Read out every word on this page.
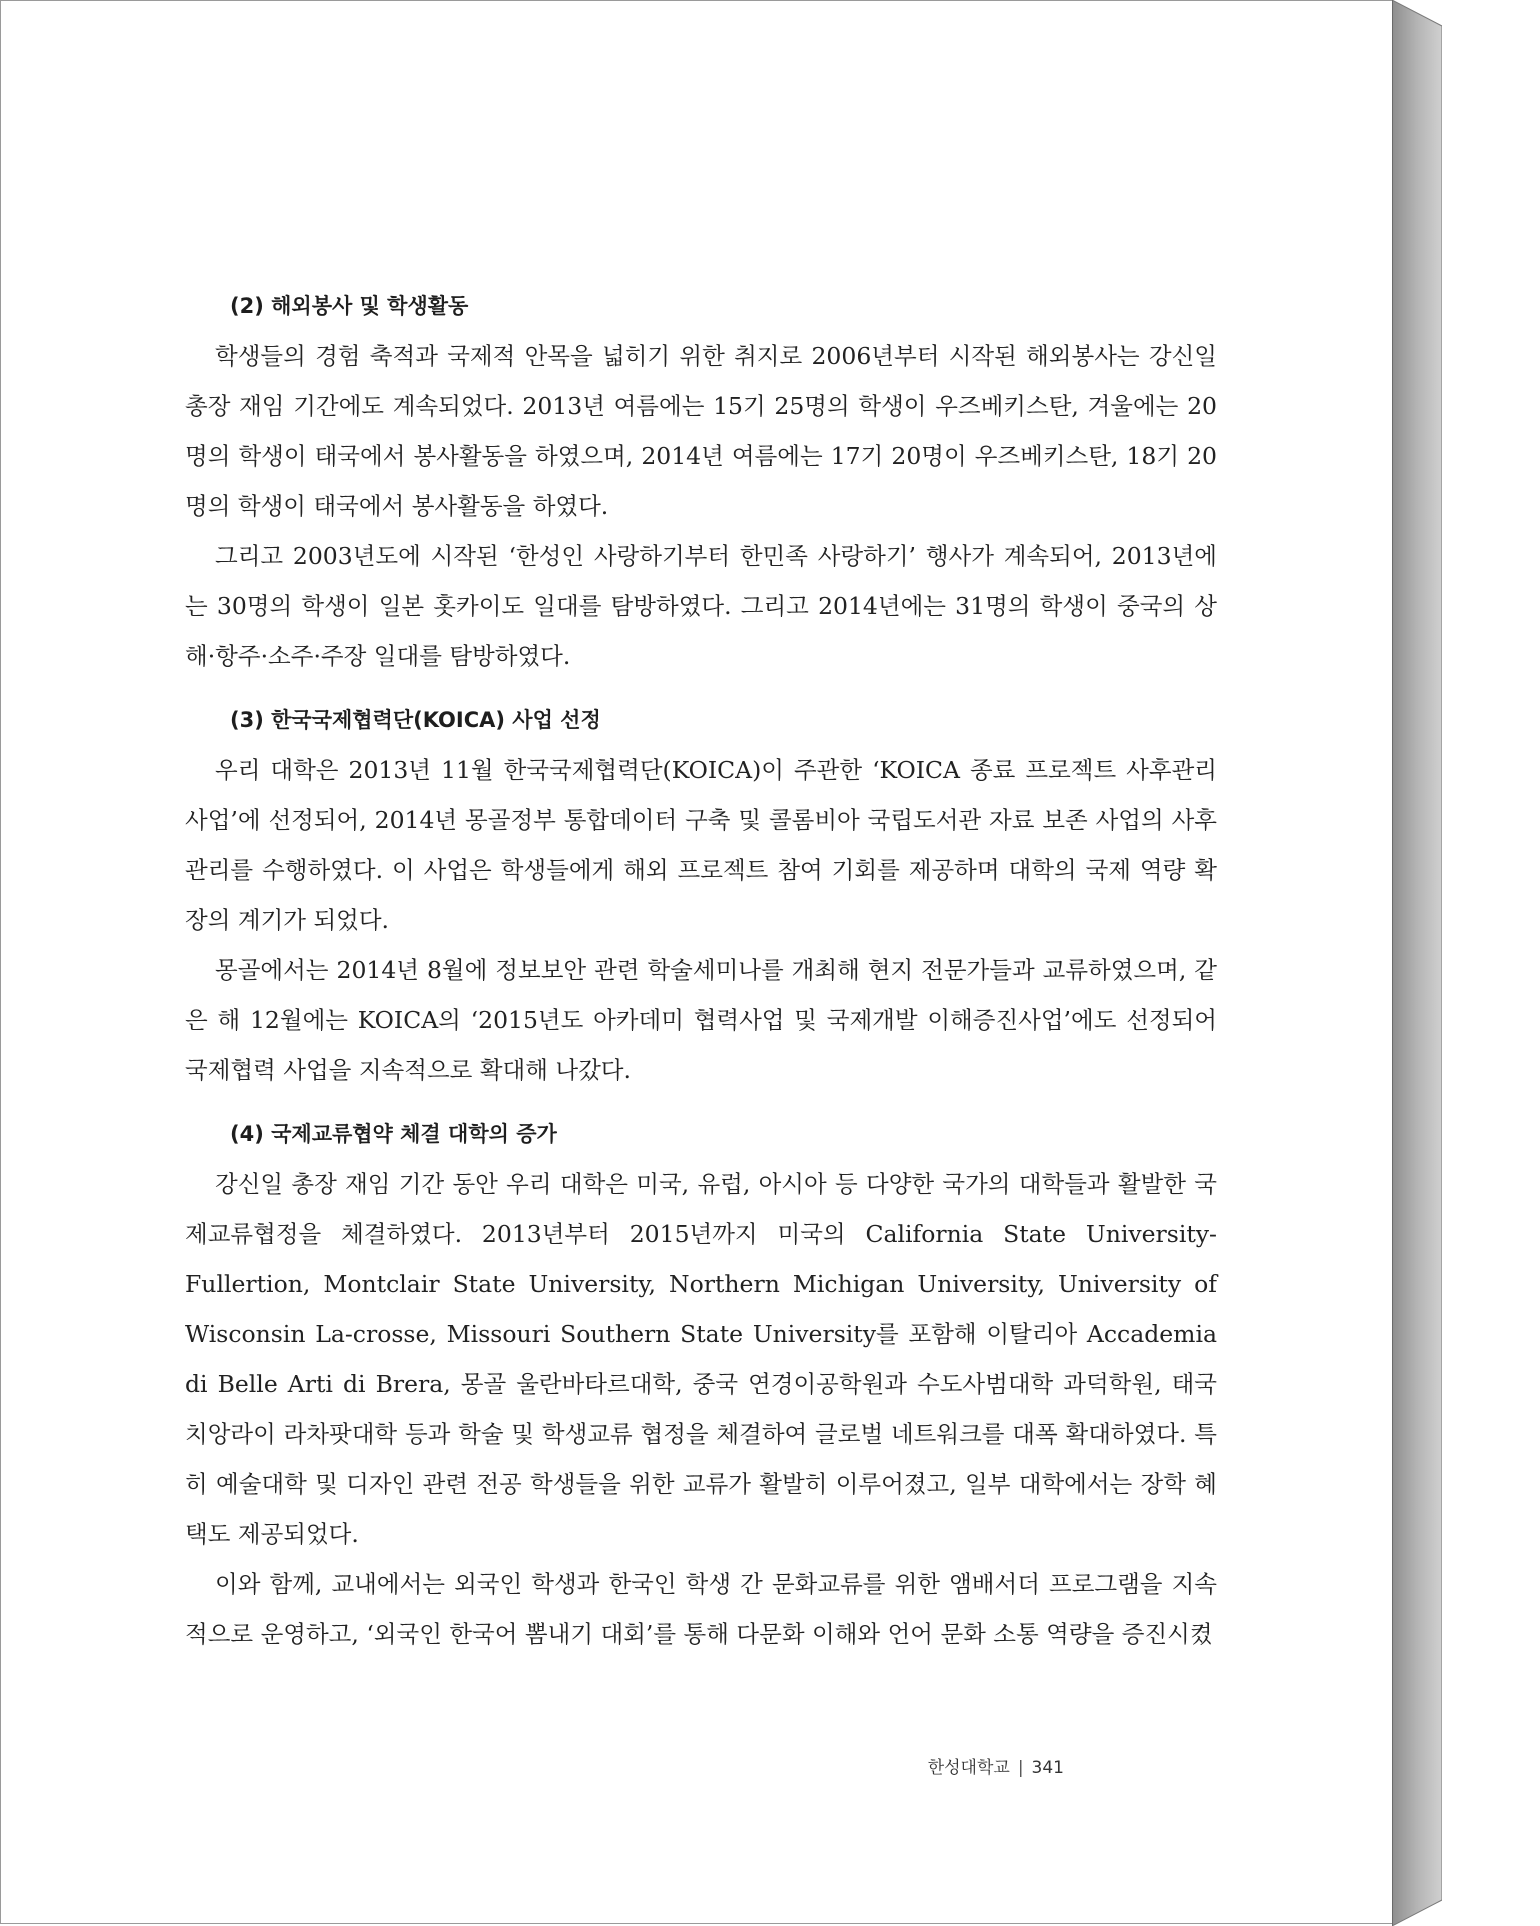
(2) 해외봉사 및 학생활동

학생들의 경험 축적과 국제적 안목을 넓히기 위한 취지로 2006년부터 시작된 해외봉사는 강신일 총장 재임 기간에도 계속되었다. 2013년 여름에는 15기 25명의 학생이 우즈베키스탄, 겨울에는 20명의 학생이 태국에서 봉사활동을 하였으며, 2014년 여름에는 17기 20명이 우즈베키스탄, 18기 20명의 학생이 태국에서 봉사활동을 하였다.

그리고 2003년도에 시작된 ‘한성인 사랑하기부터 한민족 사랑하기’ 행사가 계속되어, 2013년에는 30명의 학생이 일본 홋카이도 일대를 탐방하였다. 그리고 2014년에는 31명의 학생이 중국의 상해·항주·소주·주장 일대를 탐방하였다.

(3) 한국국제협력단(KOICA) 사업 선정

우리 대학은 2013년 11월 한국국제협력단(KOICA)이 주관한 ‘KOICA 종료 프로젝트 사후관리 사업’에 선정되어, 2014년 몽골정부 통합데이터 구축 및 콜롬비아 국립도서관 자료 보존 사업의 사후관리를 수행하였다. 이 사업은 학생들에게 해외 프로젝트 참여 기회를 제공하며 대학의 국제 역량 확장의 계기가 되었다.

몽골에서는 2014년 8월에 정보보안 관련 학술세미나를 개최해 현지 전문가들과 교류하였으며, 같은 해 12월에는 KOICA의 ‘2015년도 아카데미 협력사업 및 국제개발 이해증진사업’에도 선정되어 국제협력 사업을 지속적으로 확대해 나갔다.

(4) 국제교류협약 체결 대학의 증가

강신일 총장 재임 기간 동안 우리 대학은 미국, 유럽, 아시아 등 다양한 국가의 대학들과 활발한 국제교류협정을 체결하였다. 2013년부터 2015년까지 미국의 California State University-Fullertion, Montclair State University, Northern Michigan University, University of Wisconsin La-crosse, Missouri Southern State University를 포함해 이탈리아 Accademia di Belle Arti di Brera, 몽골 울란바타르대학, 중국 연경이공학원과 수도사범대학 과덕학원, 태국 치앙라이 라차팟대학 등과 학술 및 학생교류 협정을 체결하여 글로벌 네트워크를 대폭 확대하였다. 특히 예술대학 및 디자인 관련 전공 학생들을 위한 교류가 활발히 이루어졌고, 일부 대학에서는 장학 혜택도 제공되었다.

이와 함께, 교내에서는 외국인 학생과 한국인 학생 간 문화교류를 위한 앰배서더 프로그램을 지속적으로 운영하고, ‘외국인 한국어 뽐내기 대회’를 통해 다문화 이해와 언어 문화 소통 역량을 증진시켰

한성대학교 | 341
